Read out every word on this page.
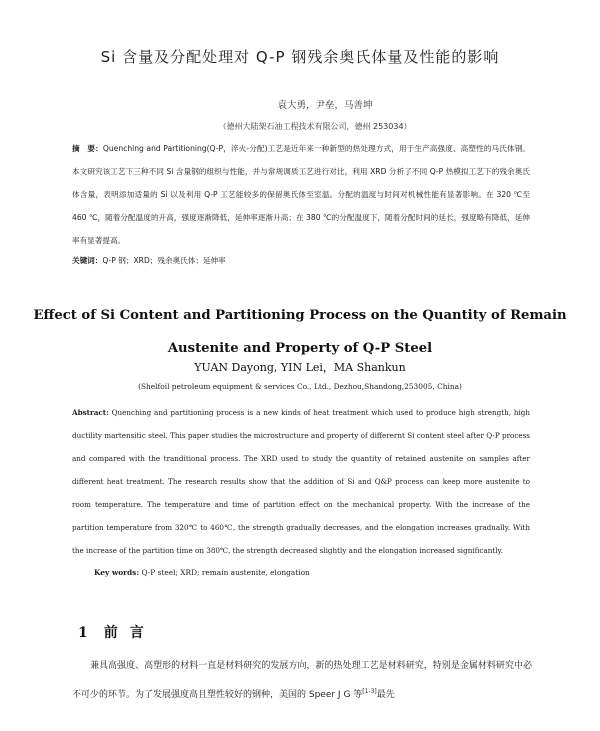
Si 含量及分配处理对 Q-P 钢残余奥氏体量及性能的影响
袁大勇，尹垒，马善坤
（德州大陆架石油工程技术有限公司，德州 253034）
摘　要：Quenching and Partitioning(Q-P，淬火-分配)工艺是近年来一种新型的热处理方式，用于生产高强度、高塑性的马氏体钢。本文研究该工艺下三种不同 Si 含量钢的组织与性能，并与常规调质工艺进行对比，利用 XRD 分析了不同 Q-P 热模拟工艺下的残余奥氏体含量，表明添加适量的 Si 以及利用 Q-P 工艺能较多的保留奥氏体至室温。分配的温度与时间对机械性能有显著影响。在 320 ℃至 460 ℃，随着分配温度的升高，强度逐渐降低，延伸率逐渐升高；在 380 ℃的分配温度下，随着分配时间的延长，强度略有降低，延伸率有显著提高。
关键词：Q-P 钢；XRD；残余奥氏体；延伸率
Effect of Si Content and Partitioning Process on the Quantity of Remain
Austenite and Property of Q-P Steel
YUAN Dayong, YIN Lei，MA Shankun
(Shelfoil petroleum equipment & services Co., Ltd., Dezhou,Shandong,253005, China)
Abstract: Quenching and partitioning process is a new kinds of heat treatment which used to produce high strength, high ductility martensitic steel. This paper studies the microstructure and property of differernt Si content steel after Q-P process and compared with the tranditional process. The XRD used to study the quantity of retained austenite on samples after different heat treatment. The research results show that the addition of Si and Q&P process can keep more austenite to room temperature. The temperature and time of partition effect on the mechanical property. With the increase of the partition temperature from 320℃ to 460℃, the strength gradually decreases, and the elongation increases gradually. With the increase of the partition time on 380℃, the strength decreased slightly and the elongation increased significantly.
Key words: Q-P steel; XRD; remain austenite, elongation
1 前言
兼具高强度、高塑形的材料一直是材料研究的发展方向，新的热处理工艺是材料研究，特别是金属材料研究中必不可少的环节。为了发展强度高且塑性较好的钢种，美国的 Speer J G 等[1-3]最先
